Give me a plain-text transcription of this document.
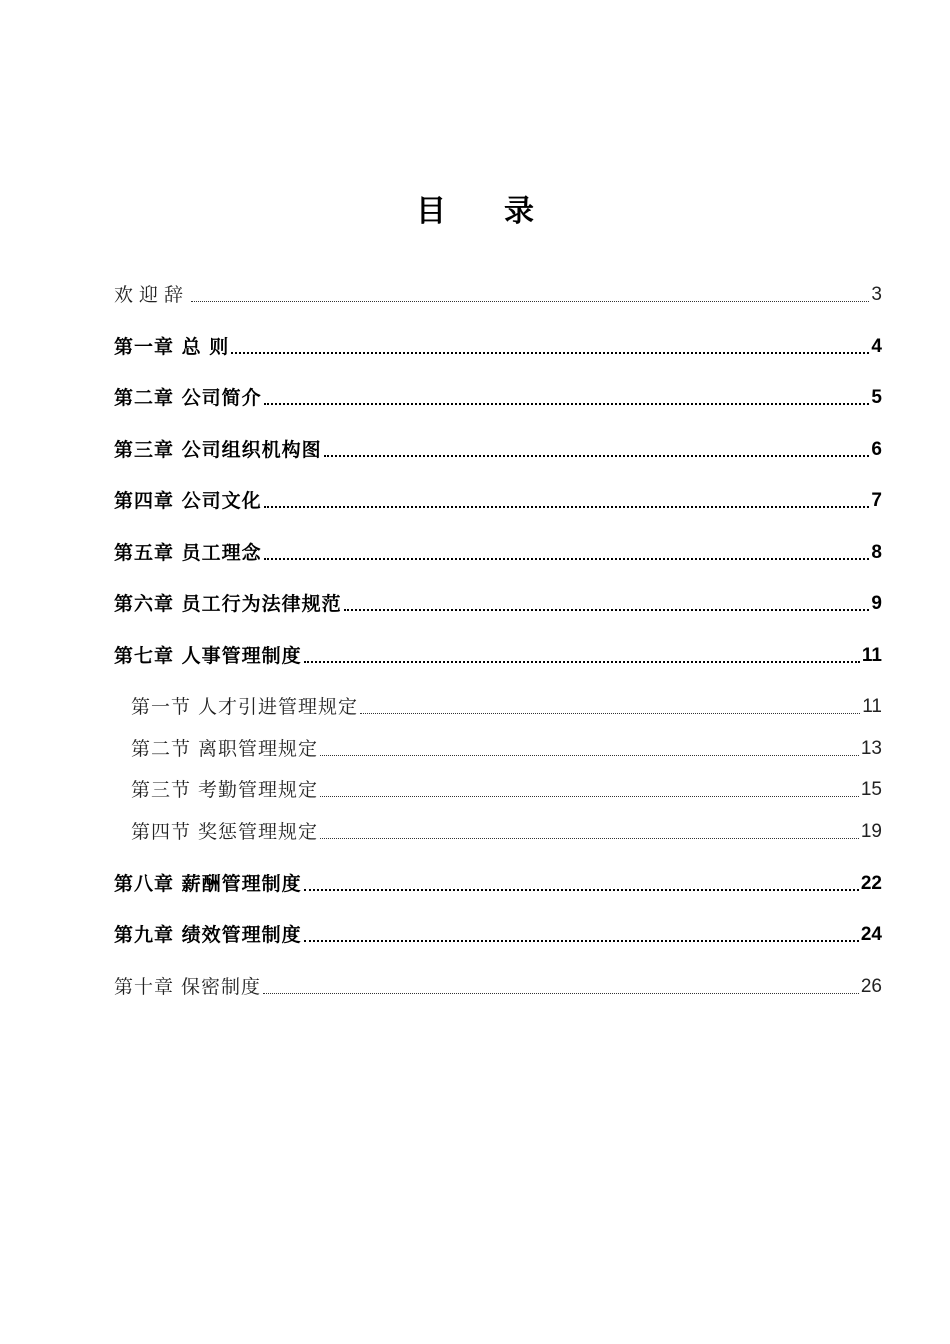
目 录
欢迎辞	3
第一章 总 则	4
第二章 公司简介	5
第三章 公司组织机构图	6
第四章 公司文化	7
第五章 员工理念	8
第六章 员工行为法律规范	9
第七章 人事管理制度	11
第一节 人才引进管理规定	11
第二节 离职管理规定	13
第三节 考勤管理规定	15
第四节 奖惩管理规定	19
第八章 薪酬管理制度	22
第九章 绩效管理制度	24
第十章 保密制度	26
